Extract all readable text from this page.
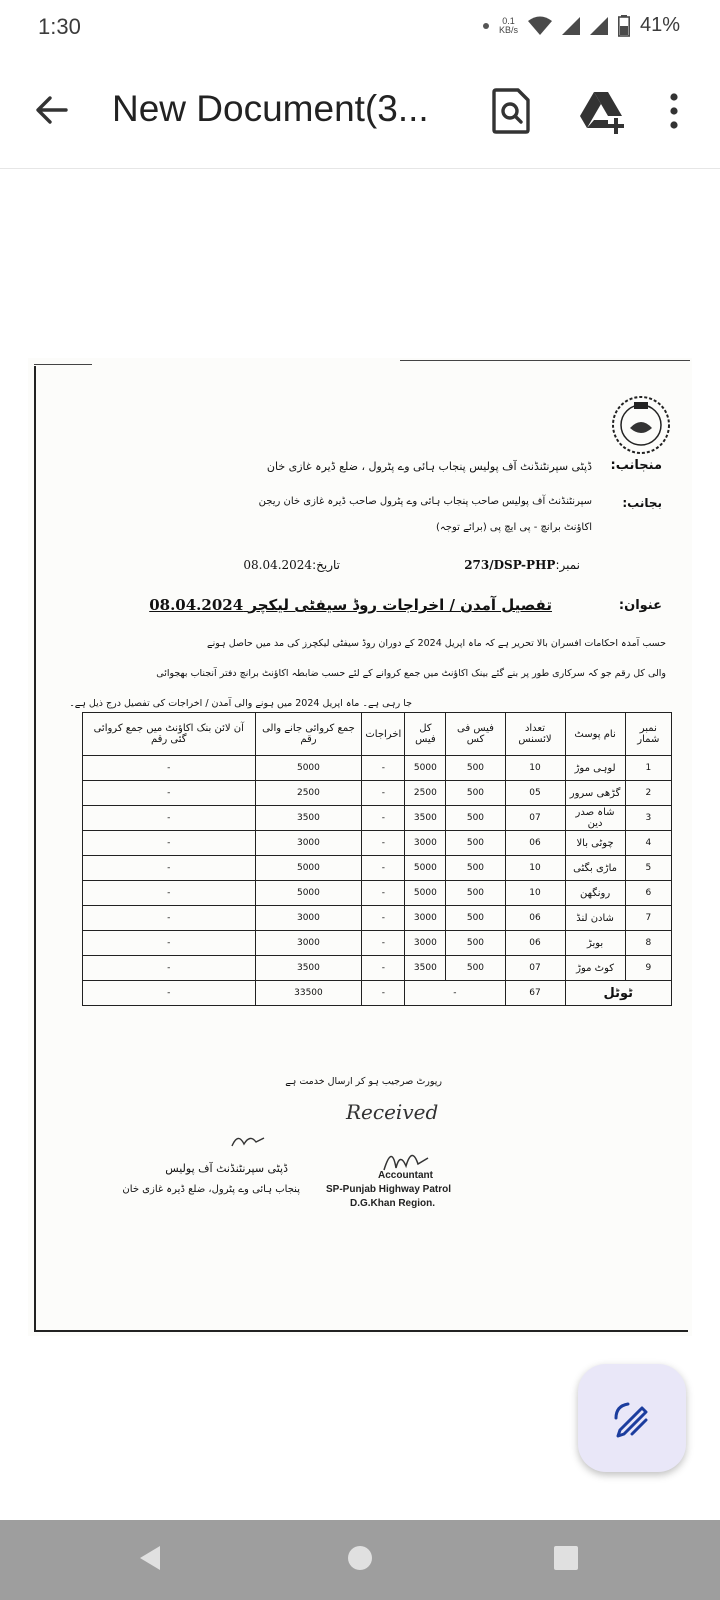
1:30	0.1
KB/s	41%
New Document(3...
منجانب:
ڈپٹی سپرنٹنڈنٹ آف پولیس پنجاب ہائی وے پٹرول ، ضلع ڈیرہ غازی خان
بجانب:
سپرنٹنڈنٹ آف پولیس صاحب پنجاب ہائی وے پٹرول صاحب ڈیرہ غازی خان ریجن
اکاؤنٹ برانچ - پی ایچ پی (برائے توجہ)
نمبر:273/DSP-PHP
تاریخ:08.04.2024
عنوان:
تفصیل آمدن / اخراجات روڈ سیفٹی لیکچر 08.04.2024
حسب آمدہ احکامات افسران بالا تحریر ہے کہ ماہ اپریل 2024 کے دوران روڈ سیفٹی لیکچرز کی مد میں حاصل ہونے
والی کل رقم جو کہ سرکاری طور پر بنے گئے بینک اکاؤنٹ میں جمع کروانے کے لئے حسب ضابطہ اکاؤنٹ برانچ دفتر آنجناب بھجوائی
جا رہی ہے۔ ماہ اپریل 2024 میں ہونے والی آمدن / اخراجات کی تفصیل درج ذیل ہے۔
آن لائن بنک اکاؤنٹ میں جمع کروائی گئی رقم	جمع کروائی جانے والی رقم	اخراجات	کل فیس	فیس فی کس	تعداد لائسنس	نام پوسٹ	نمبر شمار
-	5000	-	5000	500	10	لوہی موڑ	1
-	2500	-	2500	500	05	گڑھی سرور	2
-	3500	-	3500	500	07	شاہ صدر دین	3
-	3000	-	3000	500	06	چوٹی بالا	4
-	5000	-	5000	500	10	ماڑی بگٹی	5
-	5000	-	5000	500	10	رونگھن	6
-	3000	-	3000	500	06	شادن لنڈ	7
-	3000	-	3000	500	06	بوبڑ	8
-	3500	-	3500	500	07	کوٹ موڑ	9
-	33500	-	-		67	ٹوٹل	
رپورٹ صرجیب ہو کر ارسال خدمت ہے
Received
Accountant
SP-Punjab Highway Patrol
D.G.Khan Region.
ڈپٹی سپرنٹنڈنٹ آف پولیس
پنجاب ہائی وے پٹرول، ضلع ڈیرہ غازی خان
